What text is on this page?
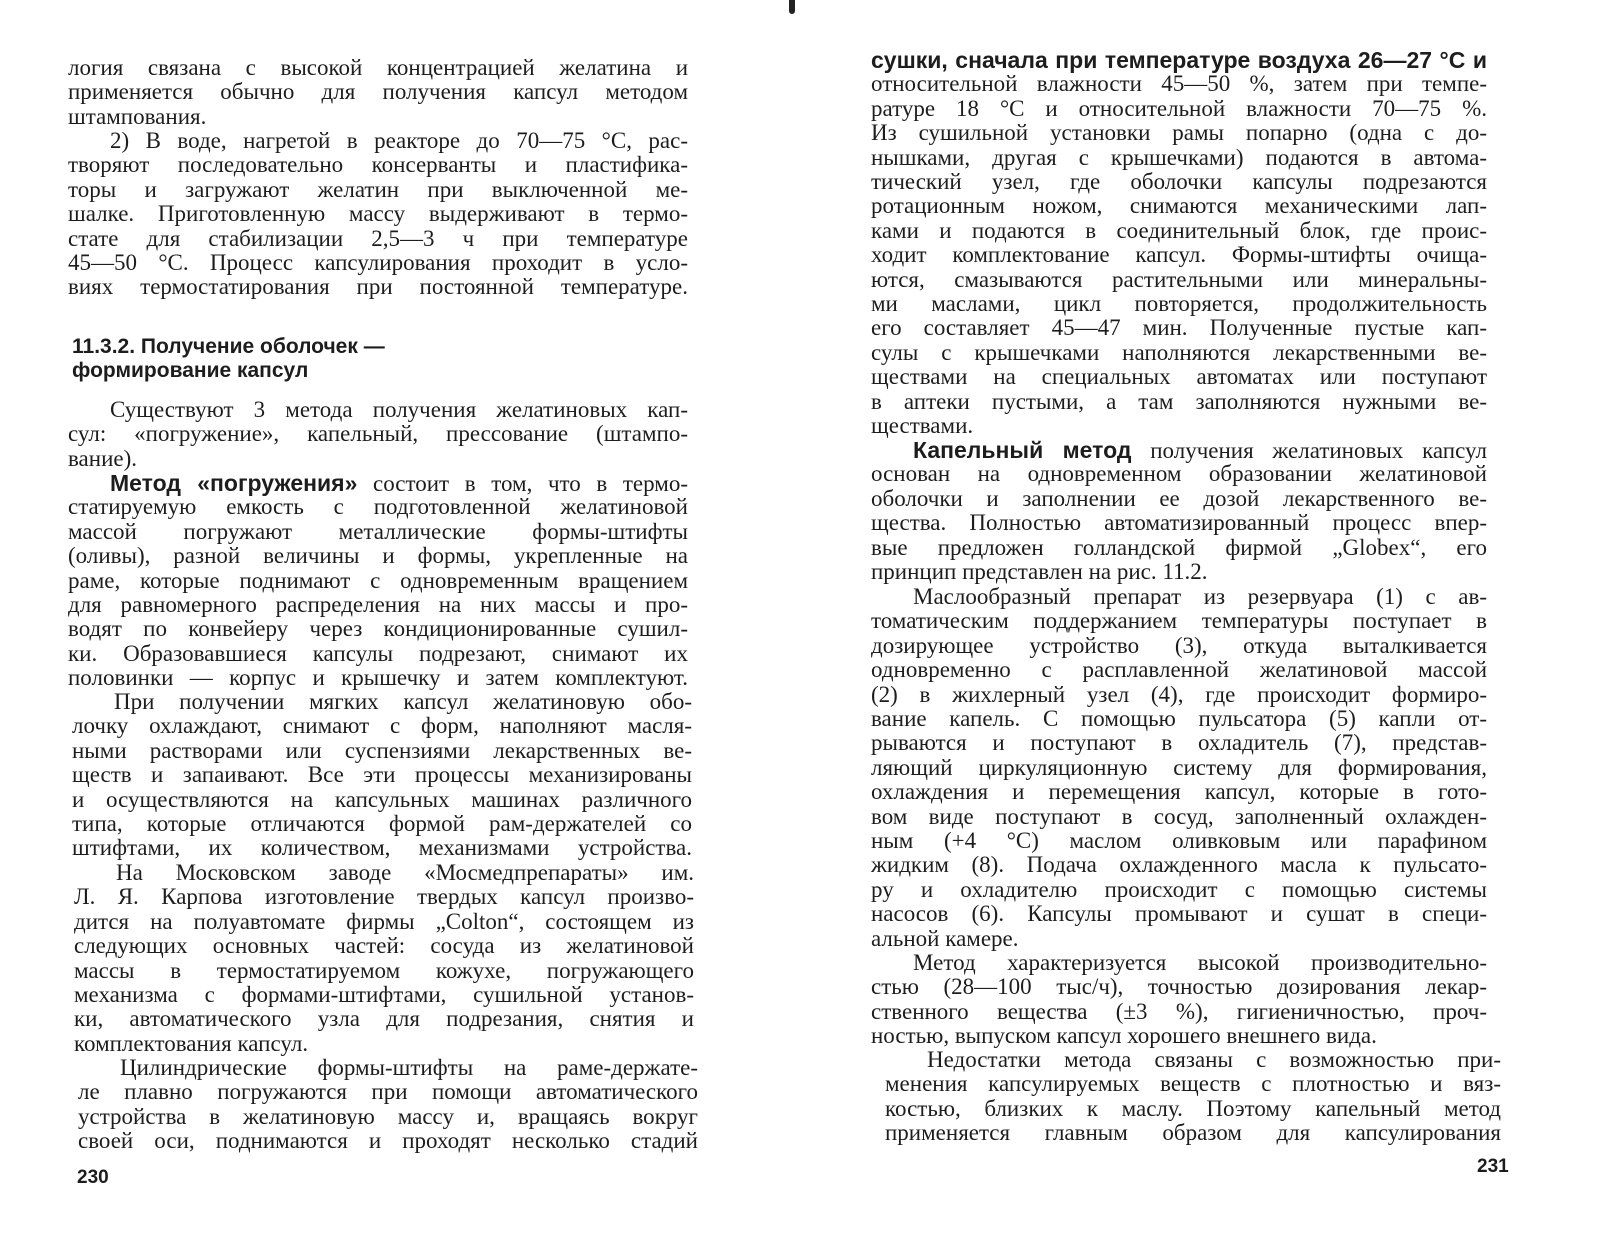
230
логия связана с высокой концентрацией желатина и
применяется обычно для получения капсул методом
штампования.
2) В воде, нагретой в реакторе до 70—75 °С, рас-
творяют последовательно консерванты и пластифика-
торы и загружают желатин при выключенной ме-
шалке. Приготовленную массу выдерживают в термо-
стате для стабилизации 2,5—3 ч при температуре
45—50 °С. Процесс капсулирования проходит в усло-
виях термостатирования при постоянной температуре.
11.3.2. Получение оболочек —
формирование капсул
Существуют 3 метода получения желатиновых кап-
сул: «погружение», капельный, прессование (штампо-
вание).
Метод «погружения» состоит в том, что в термо-
статируемую емкость с подготовленной желатиновой
массой погружают металлические формы-штифты
(оливы), разной величины и формы, укрепленные на
раме, которые поднимают с одновременным вращением
для равномерного распределения на них массы и про-
водят по конвейеру через кондиционированные сушил-
ки. Образовавшиеся капсулы подрезают, снимают их
половинки — корпус и крышечку и затем комплектуют.
При получении мягких капсул желатиновую обо-
лочку охлаждают, снимают с форм, наполняют масля-
ными растворами или суспензиями лекарственных ве-
ществ и запаивают. Все эти процессы механизированы
и осуществляются на капсульных машинах различного
типа, которые отличаются формой рам-держателей со
штифтами, их количеством, механизмами устройства.
На Московском заводе «Мосмедпрепараты» им.
Л. Я. Карпова изготовление твердых капсул произво-
дится на полуавтомате фирмы „Colton“, состоящем из
следующих основных частей: сосуда из желатиновой
массы в термостатируемом кожухе, погружающего
механизма с формами-штифтами, сушильной установ-
ки, автоматического узла для подрезания, снятия и
комплектования капсул.
Цилиндрические формы-штифты на раме-держате-
ле плавно погружаются при помощи автоматического
устройства в желатиновую массу и, вращаясь вокруг
своей оси, поднимаются и проходят несколько стадий
231
сушки, сначала при температуре воздуха 26—27 °С и
относительной влажности 45—50 %, затем при темпе-
ратуре 18 °С и относительной влажности 70—75 %.
Из сушильной установки рамы попарно (одна с до-
нышками, другая с крышечками) подаются в автома-
тический узел, где оболочки капсулы подрезаются
ротационным ножом, снимаются механическими лап-
ками и подаются в соединительный блок, где проис-
ходит комплектование капсул. Формы-штифты очища-
ются, смазываются растительными или минеральны-
ми маслами, цикл повторяется, продолжительность
его составляет 45—47 мин. Полученные пустые кап-
сулы с крышечками наполняются лекарственными ве-
ществами на специальных автоматах или поступают
в аптеки пустыми, а там заполняются нужными ве-
ществами.
Капельный метод получения желатиновых капсул
основан на одновременном образовании желатиновой
оболочки и заполнении ее дозой лекарственного ве-
щества. Полностью автоматизированный процесс впер-
вые предложен голландской фирмой „Globex“, его
принцип представлен на рис. 11.2.
Маслообразный препарат из резервуара (1) с ав-
томатическим поддержанием температуры поступает в
дозирующее устройство (3), откуда выталкивается
одновременно с расплавленной желатиновой массой
(2) в жихлерный узел (4), где происходит формиро-
вание капель. С помощью пульсатора (5) капли от-
рываются и поступают в охладитель (7), представ-
ляющий циркуляционную систему для формирования,
охлаждения и перемещения капсул, которые в гото-
вом виде поступают в сосуд, заполненный охлажден-
ным (+4 °С) маслом оливковым или парафином
жидким (8). Подача охлажденного масла к пульсато-
ру и охладителю происходит с помощью системы
насосов (6). Капсулы промывают и сушат в специ-
альной камере.
Метод характеризуется высокой производительно-
стью (28—100 тыс/ч), точностью дозирования лекар-
ственного вещества (±3 %), гигиеничностью, проч-
ностью, выпуском капсул хорошего внешнего вида.
Недостатки метода связаны с возможностью при-
менения капсулируемых веществ с плотностью и вяз-
костью, близких к маслу. Поэтому капельный метод
применяется главным образом для капсулирования
